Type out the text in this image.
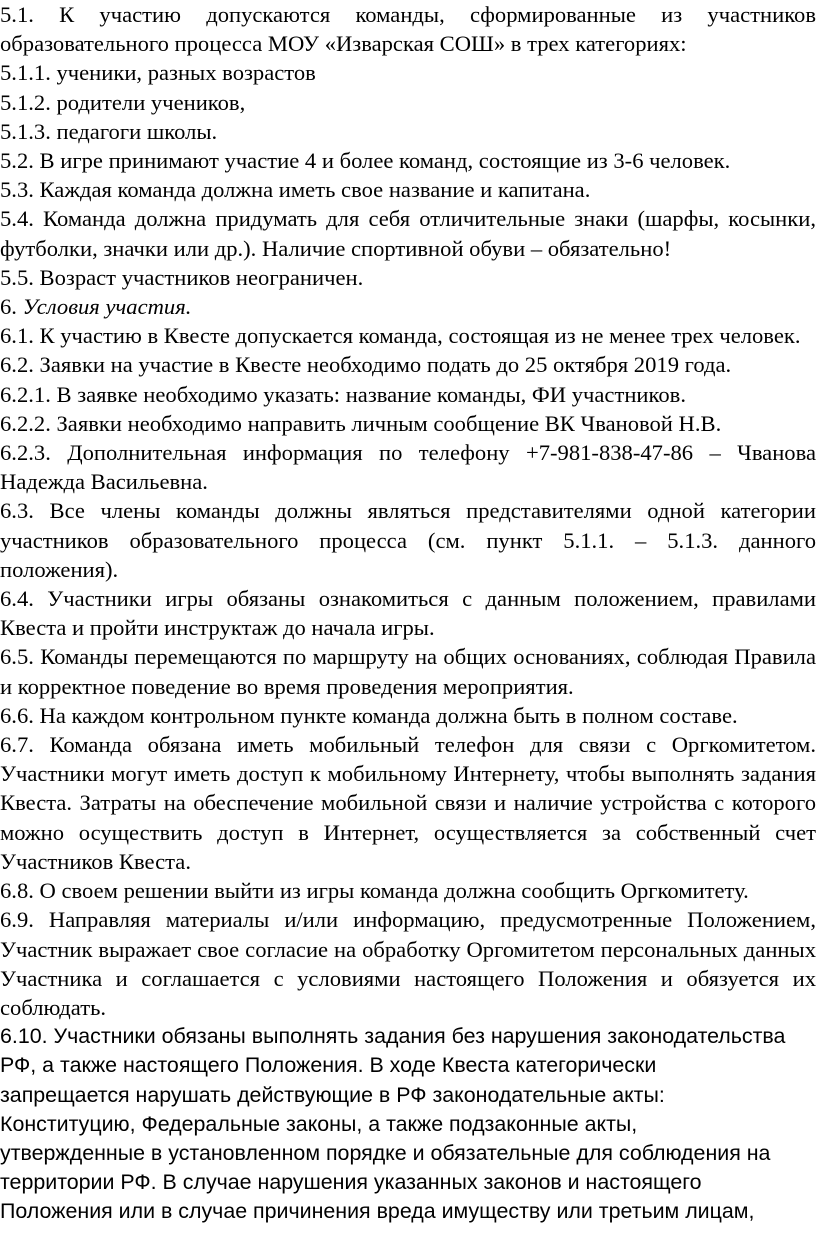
5.1. К участию допускаются команды, сформированные из участников образовательного процесса МОУ «Изварская СОШ» в трех категориях:

5.1.1. ученики, разных возрастов

5.1.2. родители учеников,

5.1.3. педагоги школы.

5.2. В игре принимают участие 4 и более команд, состоящие из 3-6 человек.

5.3. Каждая команда должна иметь свое название и капитана.

5.4. Команда должна придумать для себя отличительные знаки (шарфы, косынки, футболки, значки или др.). Наличие спортивной обуви – обязательно!

5.5. Возраст участников неограничен.

6. Условия участия.

6.1. К участию в Квесте допускается команда, состоящая из не менее трех человек.

6.2. Заявки на участие в Квесте необходимо подать до 25 октября 2019 года.

6.2.1. В заявке необходимо указать: название команды, ФИ участников.

6.2.2. Заявки необходимо направить личным сообщение ВК Чвановой Н.В.

6.2.3. Дополнительная информация по телефону +7-981-838-47-86 – Чванова Надежда Васильевна.

6.3. Все члены команды должны являться представителями одной категории участников образовательного процесса (см. пункт 5.1.1. – 5.1.3. данного положения).

6.4. Участники игры обязаны ознакомиться с данным положением, правилами Квеста и пройти инструктаж до начала игры.

6.5. Команды перемещаются по маршруту на общих основаниях, соблюдая Правила и корректное поведение во время проведения мероприятия.

6.6. На каждом контрольном пункте команда должна быть в полном составе.

6.7. Команда обязана иметь мобильный телефон для связи с Оргкомитетом. Участники могут иметь доступ к мобильному Интернету, чтобы выполнять задания Квеста. Затраты на обеспечение мобильной связи и наличие устройства с которого можно осуществить доступ в Интернет, осуществляется за собственный счет Участников Квеста.

6.8. О своем решении выйти из игры команда должна сообщить Оргкомитету.

6.9. Направляя материалы и/или информацию, предусмотренные Положением, Участник выражает свое согласие на обработку Оргомитетом персональных данных Участника и соглашается с условиями настоящего Положения и обязуется их соблюдать.

6.10. Участники обязаны выполнять задания без нарушения законодательства
РФ, а также настоящего Положения. В ходе Квеста категорически
запрещается нарушать действующие в РФ законодательные акты:
Конституцию, Федеральные законы, а также подзаконные акты,
утвержденные в установленном порядке и обязательные для соблюдения на
территории РФ. В случае нарушения указанных законов и настоящего
Положения или в случае причинения вреда имуществу или третьим лицам,
